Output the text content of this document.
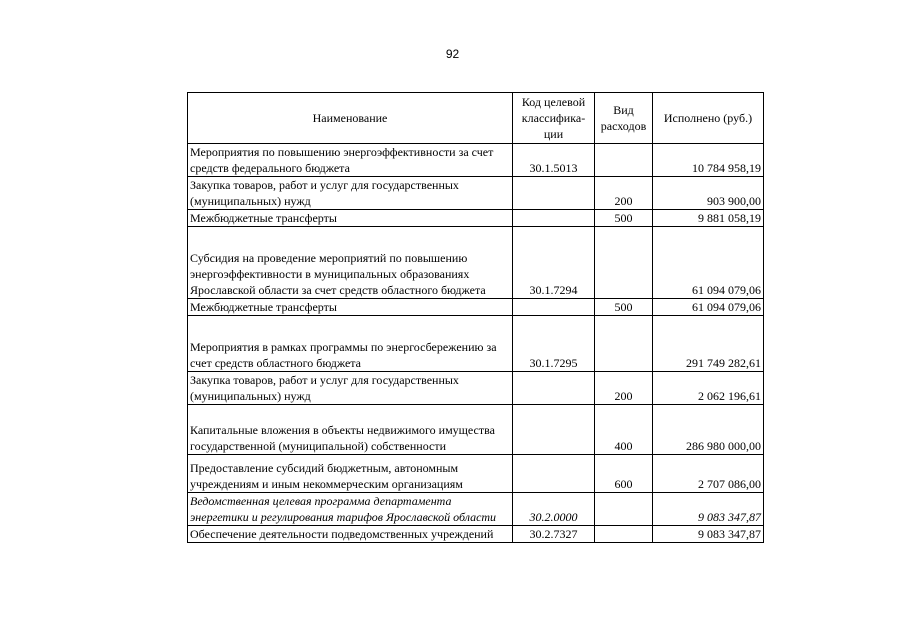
92
Наименование	Код целевой классифика-ции	Вид расходов	Исполнено (руб.)
Мероприятия по повышению энергоэффективности за счет средств федерального бюджета	30.1.5013		10 784 958,19
Закупка товаров, работ и услуг для государственных (муниципальных) нужд		200	903 900,00
Межбюджетные трансферты		500	9 881 058,19
Субсидия на проведение мероприятий по повышению энергоэффективности в муниципальных образованиях Ярославской области за счет средств областного бюджета	30.1.7294		61 094 079,06
Межбюджетные трансферты		500	61 094 079,06
Мероприятия в рамках программы по энергосбережению за счет средств областного бюджета	30.1.7295		291 749 282,61
Закупка товаров, работ и услуг для государственных (муниципальных) нужд		200	2 062 196,61
Капитальные вложения в объекты недвижимого имущества государственной (муниципальной) собственности		400	286 980 000,00
Предоставление субсидий бюджетным, автономным учреждениям и иным некоммерческим организациям		600	2 707 086,00
Ведомственная целевая программа департамента энергетики и регулирования тарифов Ярославской области	30.2.0000		9 083 347,87
Обеспечение деятельности подведомственных учреждений	30.2.7327		9 083 347,87
